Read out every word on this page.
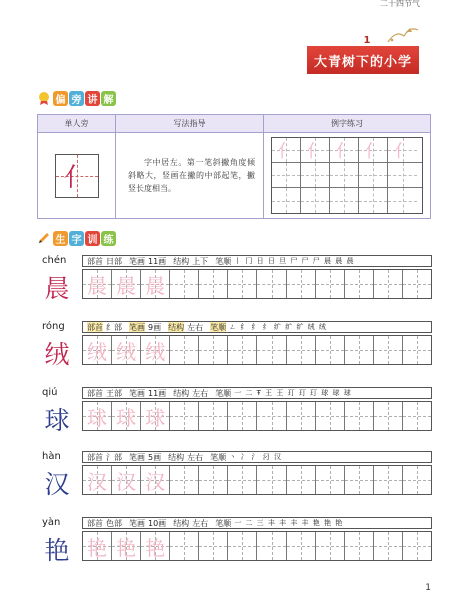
二十四节气
1
大青树下的小学
偏 旁 讲 解
单人旁	写法指导	例字练习

亻	字中居左。第一笔斜撇角度倾斜略大，竖画在撇的中部起笔，撇竖长度相当。	亻 亻 亻 亻 亻
生 字 训 练
chén
晨
部首 日部 笔画 11画 结构 上下 笔顺 丨 冂 日 日 旦 尸 尸 尸 晨 晨 晨
晨 晨 晨
róng
绒
部首 纟部 笔画 9画 结构 左右 笔顺 ㄥ 纟 纟 纟 纩 纩 纩 绒 绒
绒 绒 绒
qiú
球
部首 王部 笔画 11画 结构 左右 笔顺 一 二 Ŧ 王 王 玎 玎 玎 球 球 球
球 球 球
hàn
汉
部首 氵部 笔画 5画 结构 左右 笔顺 丶 冫 氵 汈 汉
汉 汉 汉
yàn
艳
部首 色部 笔画 10画 结构 左右 笔顺 一 二 三 丰 丰 丰 丰 艳 艳 艳
艳 艳 艳
1
